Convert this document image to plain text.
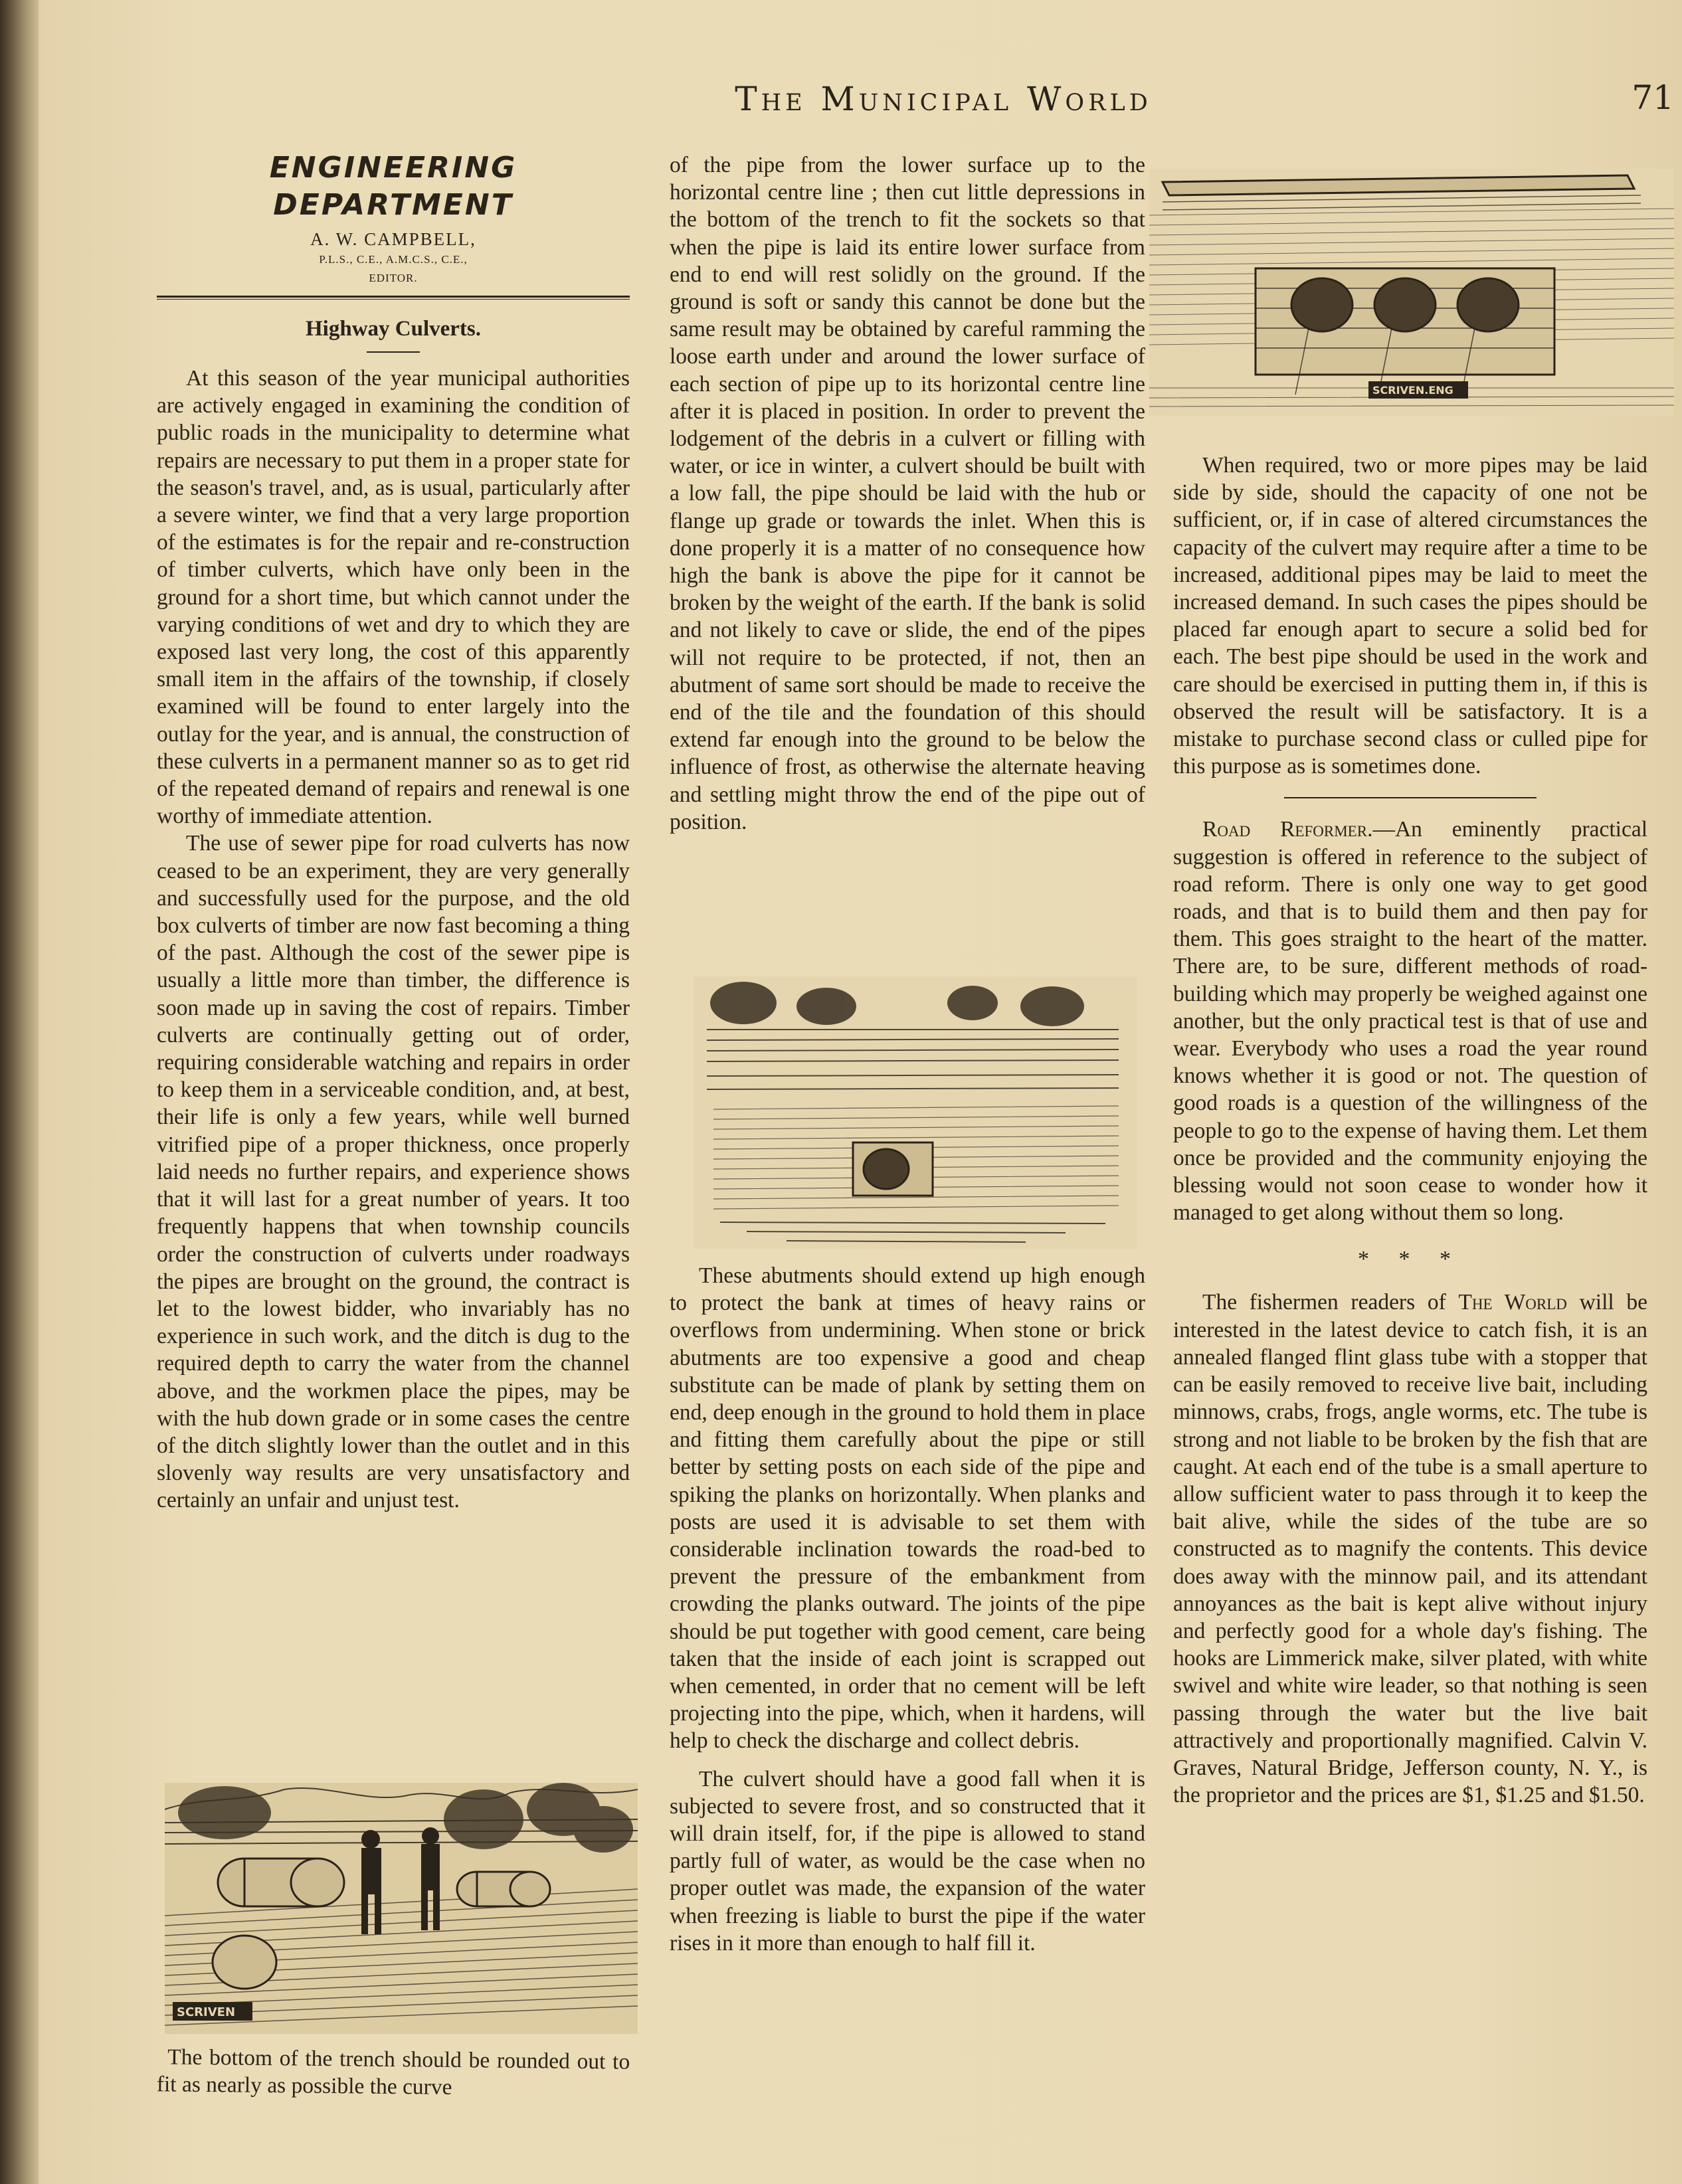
The Municipal World	71
ENGINEERING DEPARTMENT
A. W. CAMPBELL,
P.L.S., C.E., A.M.C.S., C.E.,
EDITOR.
Highway Culverts.

At this season of the year municipal authorities are actively engaged in examining the condition of public roads in the municipality to determine what repairs are necessary to put them in a proper state for the season's travel, and, as is usual, particularly after a severe winter, we find that a very large proportion of the estimates is for the repair and re-construction of timber culverts, which have only been in the ground for a short time, but which cannot under the varying conditions of wet and dry to which they are exposed last very long, the cost of this apparently small item in the affairs of the township, if closely examined will be found to enter largely into the outlay for the year, and is annual, the construction of these culverts in a permanent manner so as to get rid of the repeated demand of repairs and renewal is one worthy of immediate attention.

The use of sewer pipe for road culverts has now ceased to be an experiment, they are very generally and successfully used for the purpose, and the old box culverts of timber are now fast becoming a thing of the past. Although the cost of the sewer pipe is usually a little more than timber, the difference is soon made up in saving the cost of repairs. Timber culverts are continually getting out of order, requiring considerable watching and repairs in order to keep them in a serviceable condition, and, at best, their life is only a few years, while well burned vitrified pipe of a proper thickness, once properly laid needs no further repairs, and experience shows that it will last for a great number of years. It too frequently happens that when township councils order the construction of culverts under roadways the pipes are brought on the ground, the contract is let to the lowest bidder, who invariably has no experience in such work, and the ditch is dug to the required depth to carry the water from the channel above, and the workmen place the pipes, may be with the hub down grade or in some cases the centre of the ditch slightly lower than the outlet and in this slovenly way results are very unsatisfactory and certainly an unfair and unjust test.

SCRIVEN

The bottom of the trench should be rounded out to fit as nearly as possible the curve

of the pipe from the lower surface up to the horizontal centre line ; then cut little depressions in the bottom of the trench to fit the sockets so that when the pipe is laid its entire lower surface from end to end will rest solidly on the ground. If the ground is soft or sandy this cannot be done but the same result may be obtained by careful ramming the loose earth under and around the lower surface of each section of pipe up to its horizontal centre line after it is placed in position. In order to prevent the lodgement of the debris in a culvert or filling with water, or ice in winter, a culvert should be built with a low fall, the pipe should be laid with the hub or flange up grade or towards the inlet. When this is done properly it is a matter of no consequence how high the bank is above the pipe for it cannot be broken by the weight of the earth. If the bank is solid and not likely to cave or slide, the end of the pipes will not require to be protected, if not, then an abutment of same sort should be made to receive the end of the tile and the foundation of this should extend far enough into the ground to be below the influence of frost, as otherwise the alternate heaving and settling might throw the end of the pipe out of position.

These abutments should extend up high enough to protect the bank at times of heavy rains or overflows from undermining. When stone or brick abutments are too expensive a good and cheap substitute can be made of plank by setting them on end, deep enough in the ground to hold them in place and fitting them carefully about the pipe or still better by setting posts on each side of the pipe and spiking the planks on horizontally. When planks and posts are used it is advisable to set them with considerable inclination towards the road-bed to prevent the pressure of the embankment from crowding the planks outward. The joints of the pipe should be put together with good cement, care being taken that the inside of each joint is scrapped out when cemented, in order that no cement will be left projecting into the pipe, which, when it hardens, will help to check the discharge and collect debris.

The culvert should have a good fall when it is subjected to severe frost, and so constructed that it will drain itself, for, if the pipe is allowed to stand partly full of water, as would be the case when no proper outlet was made, the expansion of the water when freezing is liable to burst the pipe if the water rises in it more than enough to half fill it.

SCRIVEN.ENG

When required, two or more pipes may be laid side by side, should the capacity of one not be sufficient, or, if in case of altered circumstances the capacity of the culvert may require after a time to be increased, additional pipes may be laid to meet the increased demand. In such cases the pipes should be placed far enough apart to secure a solid bed for each. The best pipe should be used in the work and care should be exercised in putting them in, if this is observed the result will be satisfactory. It is a mistake to purchase second class or culled pipe for this purpose as is sometimes done.

Road Reformer.—An eminently practical suggestion is offered in reference to the subject of road reform. There is only one way to get good roads, and that is to build them and then pay for them. This goes straight to the heart of the matter. There are, to be sure, different methods of road-building which may properly be weighed against one another, but the only practical test is that of use and wear. Everybody who uses a road the year round knows whether it is good or not. The question of good roads is a question of the willingness of the people to go to the expense of having them. Let them once be provided and the community enjoying the blessing would not soon cease to wonder how it managed to get along without them so long.

* * *

The fishermen readers of The World will be interested in the latest device to catch fish, it is an annealed flanged flint glass tube with a stopper that can be easily removed to receive live bait, including minnows, crabs, frogs, angle worms, etc. The tube is strong and not liable to be broken by the fish that are caught. At each end of the tube is a small aperture to allow sufficient water to pass through it to keep the bait alive, while the sides of the tube are so constructed as to magnify the contents. This device does away with the minnow pail, and its attendant annoyances as the bait is kept alive without injury and perfectly good for a whole day's fishing. The hooks are Limmerick make, silver plated, with white swivel and white wire leader, so that nothing is seen passing through the water but the live bait attractively and proportionally magnified. Calvin V. Graves, Natural Bridge, Jefferson county, N. Y., is the proprietor and the prices are $1, $1.25 and $1.50.
